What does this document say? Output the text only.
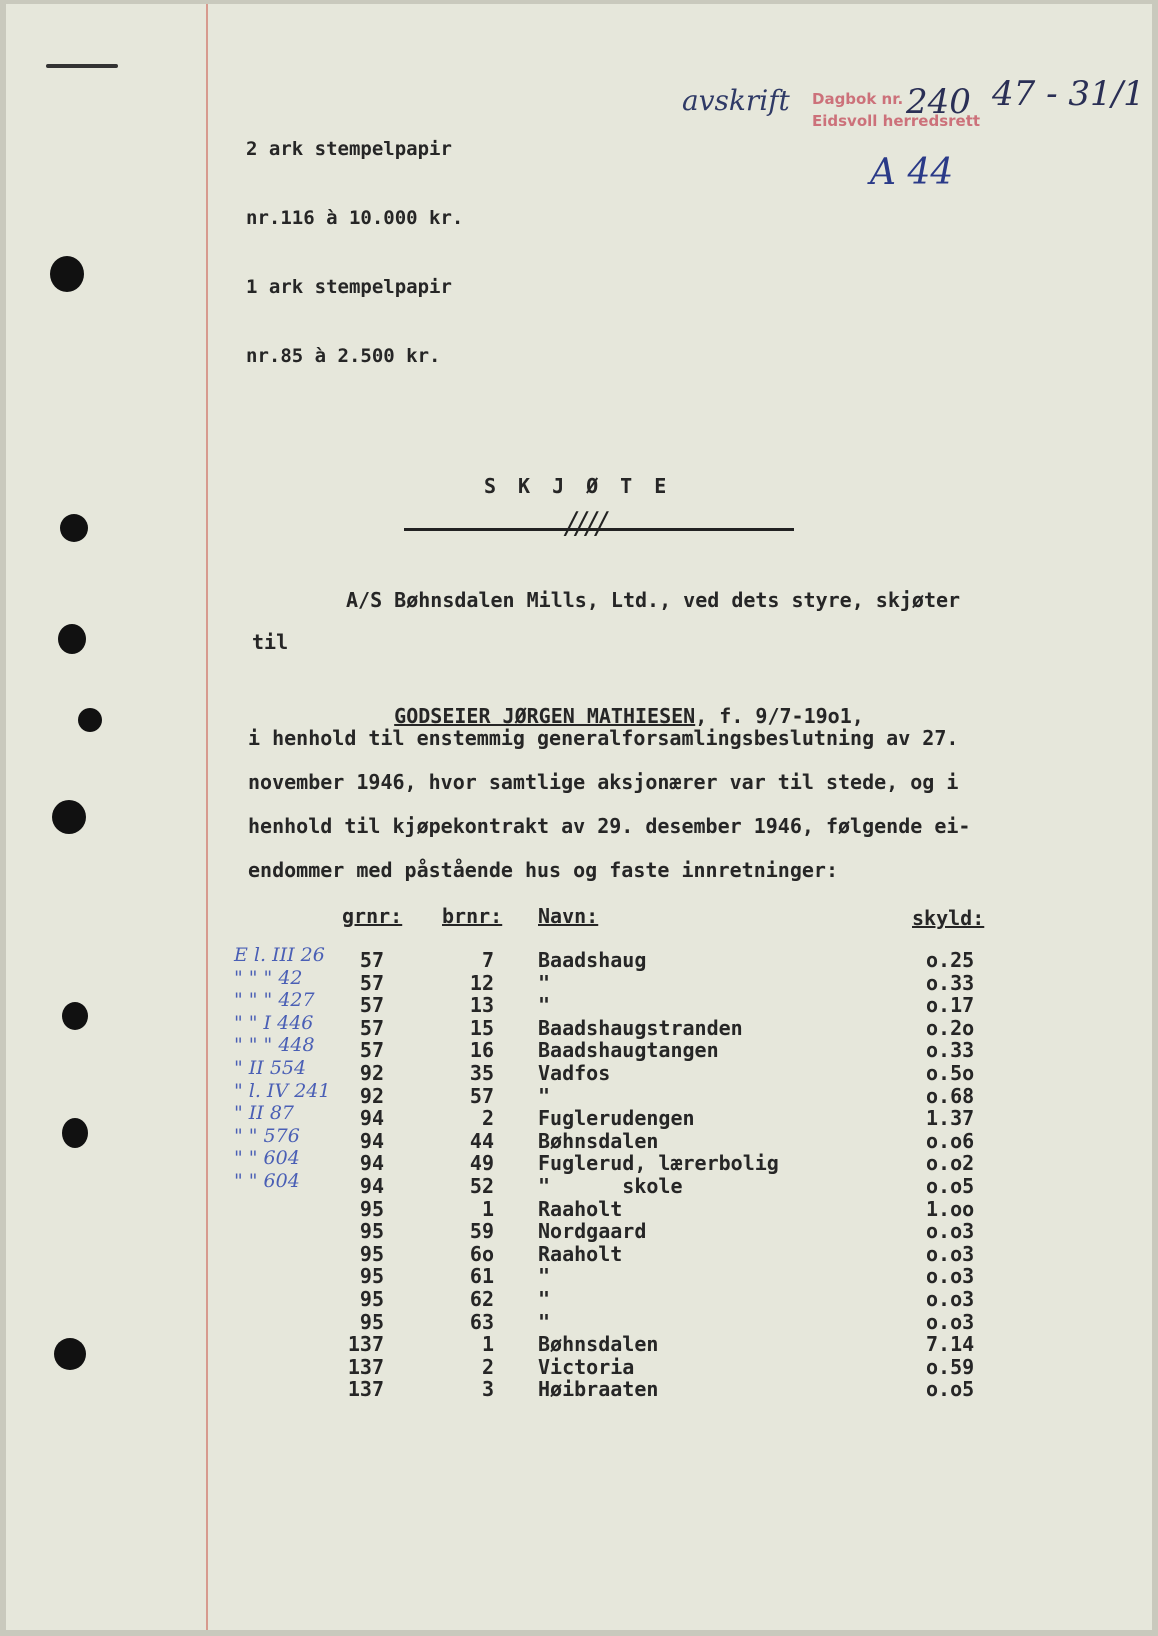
2 ark stempelpapir

nr.116 à 10.000 kr.

1 ark stempelpapir

nr.85 à 2.500 kr.

avskrift Dagbok nr.
Eidsvoll herredsrett
240 47 - 31/1
A 44
SKJØTE
////
A/S Bøhnsdalen Mills, Ltd., ved dets styre, skjøter
til

GODSEIER JØRGEN MATHIESEN, f. 9/7-19o1,

i henhold til enstemmig generalforsamlingsbeslutning av 27.
november 1946, hvor samtlige aksjonærer var til stede, og i
henhold til kjøpekontrakt av 29. desember 1946, følgende ei-
endommer med påstående hus og faste innretninger:
grnr: brnr: Navn:	skyld:
E l. III 26	57	7 Baadshaug	o.25
" " " 42	57	12 "	o.33
" " " 427	57	13 "	o.17
" " I 446	57	15 Baadshaugstranden	o.2o
" " " 448	57	16 Baadshaugtangen	o.33
" II 554	92	35 Vadfos	o.5o
" l. IV 241	92	57 "	o.68
" II 87	94	2 Fuglerudengen	1.37
" " 576	94	44 Bøhnsdalen	o.o6
" " 604	94	49 Fuglerud, lærerbolig	o.o2
" " 604	94	52 "      skole	o.o5
95	1 Raaholt	1.oo
95	59 Nordgaard	o.o3
95	6o Raaholt	o.o3
95	61 "	o.o3
95	62 "	o.o3
95	63 "	o.o3
137	1 Bøhnsdalen	7.14
137	2 Victoria	o.59
137	3 Høibraaten	o.o5
